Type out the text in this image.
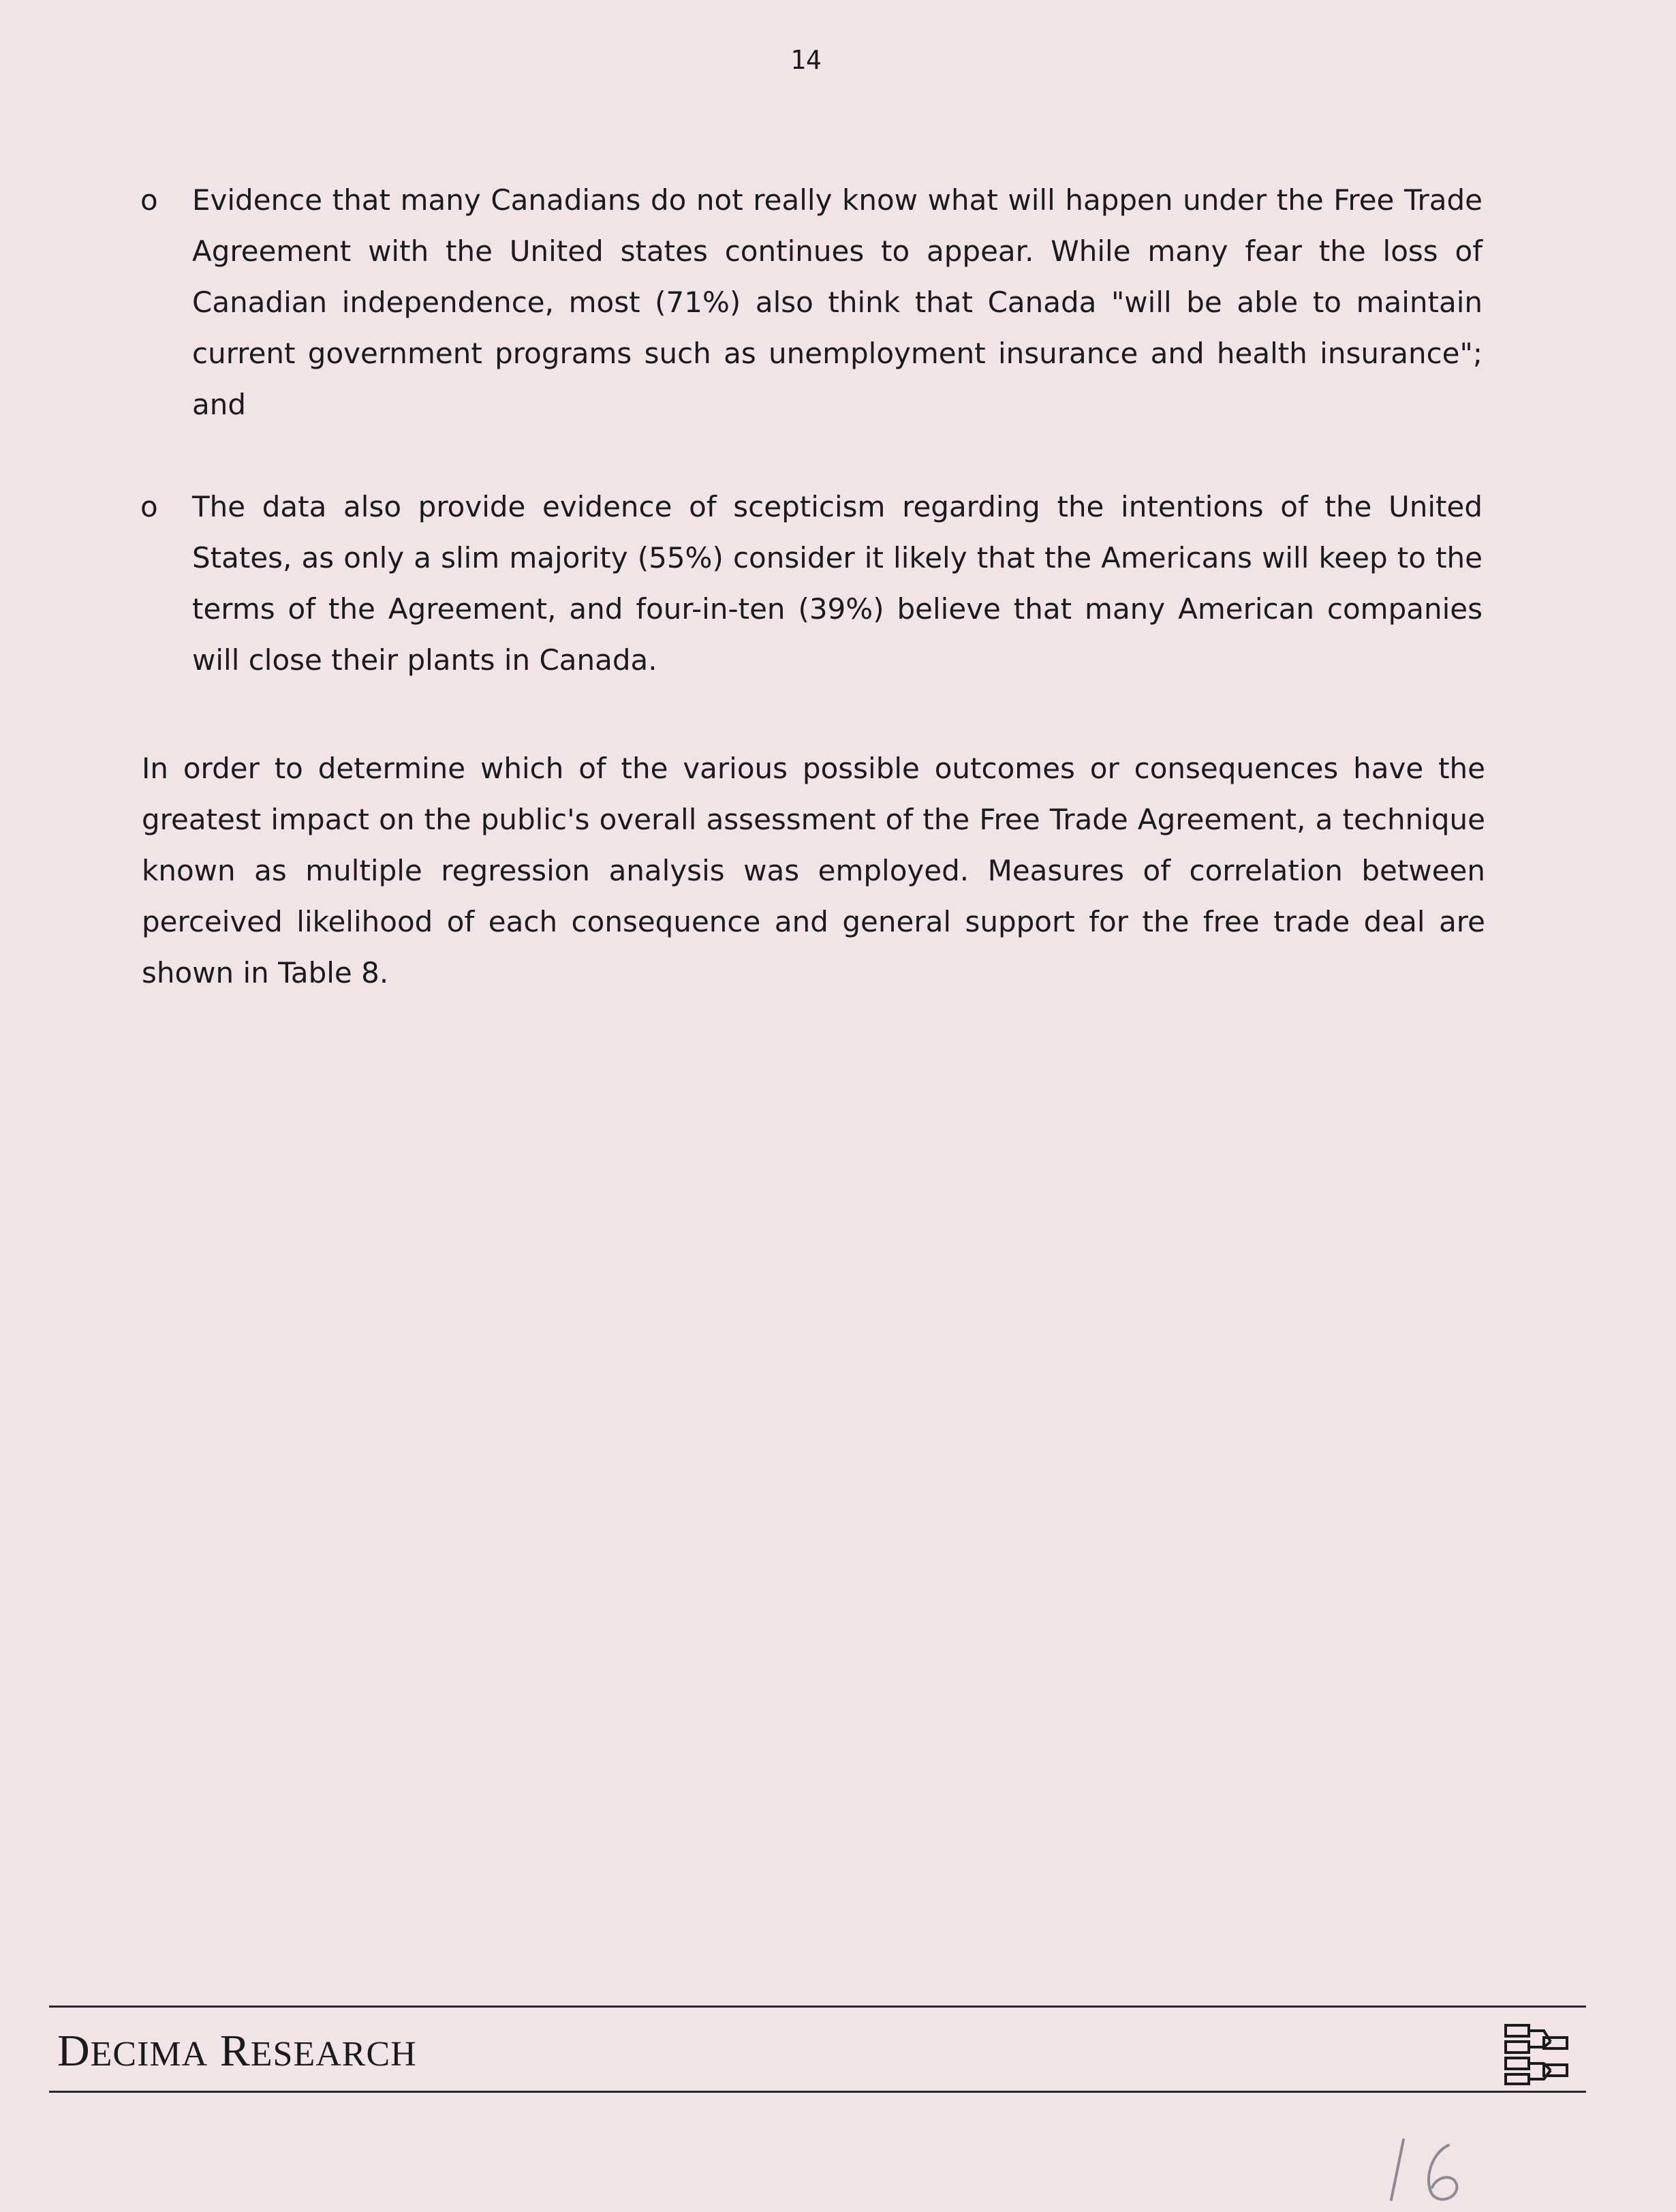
14
o Evidence that many Canadians do not really know what will happen under the Free Trade Agreement with the United states continues to appear. While many fear the loss of Canadian independence, most (71%) also think that Canada "will be able to maintain current government programs such as unemployment insurance and health insurance"; and
o The data also provide evidence of scepticism regarding the intentions of the United States, as only a slim majority (55%) consider it likely that the Americans will keep to the terms of the Agreement, and four-in-ten (39%) believe that many American companies will close their plants in Canada.
In order to determine which of the various possible outcomes or consequences have the greatest impact on the public's overall assessment of the Free Trade Agreement, a technique known as multiple regression analysis was employed. Measures of correlation between perceived likelihood of each consequence and general support for the free trade deal are shown in Table 8.
DECIMA RESEARCH
